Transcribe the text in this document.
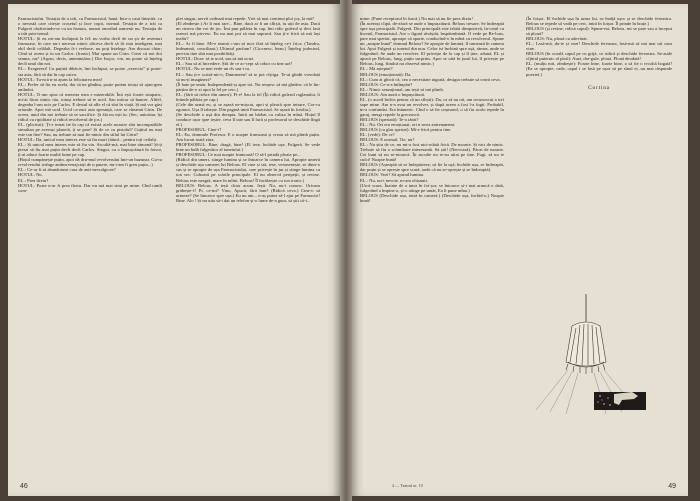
Farmacistului. Testația de a trăi, ca Farmacistul, hană. Into-o casă liniștită, cu o nevastă care citește croșetul și face copii, normal. Testația de a trăi ca Fulgeră căsătorindu-se cu un frumos, numai omorînd oamenii nu. Testația de a trăi prin-trenul.

HOTUL: Și eu mi-am închipuit la fel: nu vorba decît de un șir de aventuri frumoase, în care nu-i necesar nimic altceva decît să fii mai inteligent, mai abil decît celălalt. Degeaba fi-i verbose, nu poți întelege. Am discuat chiar; Cînd să avem și tu un Carlos. (fronic) Mai spune un Cirin. Crezi că noi doi seama, nu? (Așpru, decis, amenințător.) Din Isojor, vin, nu poate să înțeleg decît unul din noi.

EL.: Exagerezi! Cu puțină dibăcie, îmi închipui, se poate „exercita” și prote-sta asta, fără să dai în cap cuiva.

HOTUL: Tu-ncă n-ai ajuns la felicitarea mea!

EL.: Prefer să fiu eu acela, dar să ne gîndim, poate putem totuși să ajun-gem amîndoi.

HOTUL: Ti-am spus că meseria mea e mizerabilă. Îmi ești foarte simpatic, mi-ai făcut nimic rău, totuși trebuie să te ucid. Sau măcar să bancer. Altfel, degeaba l-am ucis pe Carlos. E destul să afle el că sînt în viață. Și mă vor găsi oriunde. Apoi mă ucid. Ucid ca-zuri asta speranță, care se cheamă Cirin. De aceea, unul din noi trebuie să se sacrifice. Și ăla nu ești tu. (Sec, autoritar, își ridică cu ripiditate și ridică revolverul de jos.)

EL. (plictisit): Ți-e intrat tie în cap că există acele noastre sînt incompatibile simultan pe aceeași planetă, ți se pare! Și de ce cu pistolul? Cuțitul nu mai este ton fine? Sau, nu trebuie să mai fie nimic din stilul lui Cirin?

HOTUL: Da, unicul meu interes este să fiu mort (tăind... pentru toți ceilalți.

EL.: Și unicul meu interes este să fiu viu. Ascultă-mă, mai bine rămonă! Și-ți pierzi să fiu mai puțin decît decît Carlos. Singur, cu o împușcătură în foisor, ți-ai aduce foarte multă lume pe cap.

(Hoțul cumpănește puțin, apoi dă dru-mul revolverului într-un buzunar. Gu-ra revolverului strînge amînsrvenajciați de n putere, nu-i-am fi greu puțin...)

EL.: Ce-ar fi să abandonezi cura de anti-nevralgiceе?

HOTUL: Nu.

EL.: Prea tîrziu?

HOTUL: Poate n-ar fi prea tîrziu. Dar nu mă mai simt pe mine. Cînd ramîi com-

plet singur, nervii cedează mai repede. Vrei să mai continui ploi joș, la mă?

(El zîmbește.) Ar fi mai tare... Bine, dacă ar fi un sfîrșit, tu uiți de asta. Dacă un cineva din voi de joc. Îmi pun pălăria în cap, îmi ridic gulerul și deci lasă rareori mă privesc. Eu nu mai pot să mai supravă. Sau ți-e frică să mă lași teafăr?

EL.: Ar fi bine. Mi-e teamă c-am să mor fără să înțeleg ce-i frica. (Tandru, îndeamnă, conciliant.) Ultimul parfum? (Ciocnesc, beau.) Înțeleg judecind, pen-tru tine sînt mai posibilități.

HOTUL: Doar: să te ucid, sau să mă ucizi.

EL.: Sau să ai încredere. Știi de ce ac-cept să cobor cu tine azi?

HOTUL: Nu se mai vede un rîs sau-i ru.

EL.: Sau ți-e scrisă-ntr-o, Dumnezeu! să te pot cîștiga. Te-ai gîndit vreodată să nu-ți imaginezi?

(Îl bate pe umăr. Independentă-și apre tot. Nu reușesc să mă gîndesc că le îm-părțim de-o zi apoi la fel pe cerc.)

EL. (fără să ridice din umeri): Fi-e! Sau la fel (Îți ridică gulerul raglanului, îi întinde pălăria pe cap.)

(Cele din urmă eu, și se așază ne-mișcat, apoi și pleacă spre intrare, Cor-ca zgomot. Ușa îl izbește. Din pagină intră Farmacistul. Se așază în fotoliu.)

(Se deschide o ușă din dreapta. Intră un bărbat cu valiza în mînă. Hoțul îl conduce ușor spre ieșire, ceva îl taie sau îl fură și profesorul se deschide lîngă el.)

PROFESORUL: Cine-i?

EL: Eu, domnule Profesor. E o noapte frumoasă și vreau să mă plimb puțin. Am lucrat toată ziua.

PROFESORUL: Bine, dragă, bine! (El iese, închide ușa. Fulgeră. Se vede bine un bulb fulgerător al tunetului.)

PROFESORUL: Ce mai noapte frumoasă! O să-l prindă ploaia pe...

(Ridică din umeri, stinge lumina și se întoarce în camera lui. Apropie umerii și deschide ușa camerei lui Belous. El vine și stă, iese, veronenește, se dintr-o sus și se apropie de ușa Farmacistului, care privește în jur și stinge lumina cu ton sec: Coboară pe scările principale. El nu observă peripeții, și revine. Belous este neagră, mare în mîini. Belous! Îl încălzește cu ton ironic.)

BELOUS: Belous. A ieșit chiar acum. Ieșit. Nu, nu-i cunosc. Oricum grăbește-i? Pi, ce-mi? Vino, Apucă, fără bun? (Ridică ceva.) Cine-o să urmeze? (Se întoarce spre ușa.) Eu nu am... n-aș putea să-l ajut pe Farmacist! Bine. Alo ! Și nu uita să-i dai un telefon și-o lume de-a gura, să știi că-i...

46

mine. (Pune receptorul în furcă.) Nu mai să nu fie prea tîrziu!

(În aceeași clipă, de-afară se aude o împușcătură. Belous tresare. Se îndreaptă spre ușa principală. Fulgeră. Din principală este izbită dimpotrivă, în-cetul cu încetul, Farmacistul. Are o figură răvășită, înspăimîntată. O vede pe Be-lous, pare mai speriat, aproape că sparie, conducînd-o în mînă cu revolverul. Spune un „noapte bună” domnul Belous? Se apropie de lumină, îl urmează în camera lui. Apoi Fulgeră și tunetul din nou. Celor isi închină spre ușă, rămas, unde se fulgerând: Se aude un revolver. El privește de la cap și îl ține, adună, EL și apucă pe Belous, lung, puțin surprins. Apoi se uită în jurul lui, îl privește pe Belous, lung, fiindcă nu observă nimic.)

EL.: Mă așteptai?

BELOUS (emoționată): Da.

EL.: Cum ai ghicit că, cea o necesitate ingrată, desigur trebuie să ceară ceva.

BELOUS: Ce-a-a întîmplat?

EL.: Nimic senzațional, am ieșit să mă plimb.

BELOUS: Am auzit o împușcătură.

EL. (o acord închis pentru că un sfîrșit): Da, ca să nu uit, am recunoscut a trei sape mine. Am n-a avut un revolver, și după aceea a fost l-a fugit. Probabil, m-a confundat. Era întuneric. Cînd o să fie coșmarul, o să fiu acolo repede în garaj, mergi repede la grecească.

BELOUS (speriată): Te-a rănit?

EL.: Nu. Ori era emoționat, ori n-avea antrenament.

BELOUS (cu glas speriat): Mi-e frică pentru tine.

EL. (vede): De ce?

BELOUS: E normal. Tie, nu?

EL.: Nu știu de ce, nu mi-a fost nici-odată frică. De moarte. Și nici de nimic. Trebuie să fiu o schimbare interesantă. Să știi! (Nervoasă). Păcat de moarte. Cei buni să nu se-ntoarcă. Îți asculte nu te-au uitat pe tine. Fugi, să nu te culci! Noapte bună!

BELOUS (Așteaptă să se îndepărteze, să fie la ușă, închide ușa, se îndreaptă, dar puțin și se oprește spre scară, aude că nu se-oprește și se îndreaptă).

BELOUS: Vezi? Să aprind lumina.

EL.: Nu, nu-i nevoie, m-am obișnuit.

(Urcă scara. Înainte de a intra în foi-șor, se întoarce și-i mai aruncă o dată, fulgerând a împins-o, și-o atinge pe umăr, Ea îi pune mîna.)

BELOUS (Deschide ușa, intră în cameră.) (Deschide ușa, închid-o.) Noapte bună!

(În foișor. El închide ușa în urma lui, se înalță ușor și se deschide fereastra. Belous se repede să vadă pe cerc, intră în foișor. Îl prinde în brațe.)

BELOUS (și revine, ridică capul): Spune-mi, Belous, mi se pare sau a început să plouă?

BELOUS: Nu, plouă cu adevărat.

EL.: Lasă-mă, du-te și vezi! Deschide fereastra, lasă-mă să mă mai uit cum vine.

BELOUS (în scoală capul pe cu grijă, ce ridică și deschide fereastra. Se-aude vîjiitul puternic al ploii): Auzi, dra-gule, plouă. Plouă deodată!

EL. (mulțu mit, zîmbește): Foarte bine, foarte bine, o să fie o recoltă bogată! (Ea se apropie, cade, capul i se lasă pe ușor să pe sînul ei, nu mai răspunde poeziei.)

Cortina
4 — Teatrul nr. 10	49
